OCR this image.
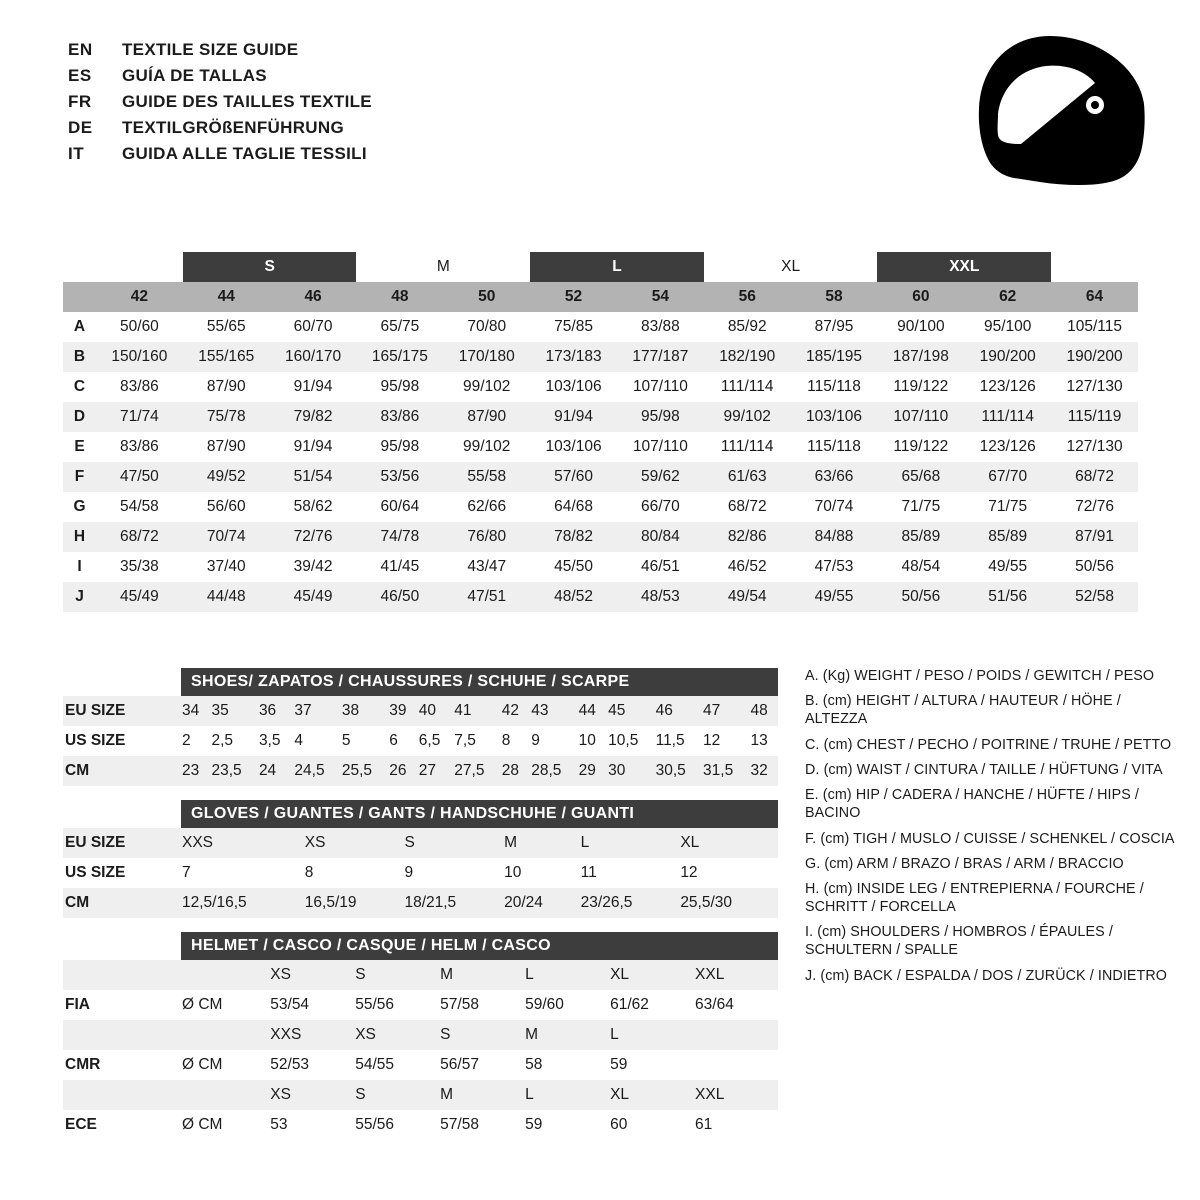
EN	TEXTILE SIZE GUIDE
ES	GUÍA DE TALLAS
FR	GUIDE DES TAILLES TEXTILE
DE	TEXTILGRÖßENFÜHRUNG
IT	GUIDA ALLE TAGLIE TESSILI
		S		M		L		XL		XXL		
	42	44	46	48	50	52	54	56	58	60	62	64
A	50/60	55/65	60/70	65/75	70/80	75/85	83/88	85/92	87/95	90/100	95/100	105/115
B	150/160	155/165	160/170	165/175	170/180	173/183	177/187	182/190	185/195	187/198	190/200	190/200
C	83/86	87/90	91/94	95/98	99/102	103/106	107/110	111/114	115/118	119/122	123/126	127/130
D	71/74	75/78	79/82	83/86	87/90	91/94	95/98	99/102	103/106	107/110	111/114	115/119
E	83/86	87/90	91/94	95/98	99/102	103/106	107/110	111/114	115/118	119/122	123/126	127/130
F	47/50	49/52	51/54	53/56	55/58	57/60	59/62	61/63	63/66	65/68	67/70	68/72
G	54/58	56/60	58/62	60/64	62/66	64/68	66/70	68/72	70/74	71/75	71/75	72/76
H	68/72	70/74	72/76	74/78	76/80	78/82	80/84	82/86	84/88	85/89	85/89	87/91
I	35/38	37/40	39/42	41/45	43/47	45/50	46/51	46/52	47/53	48/54	49/55	50/56
J	45/49	44/48	45/49	46/50	47/51	48/52	48/53	49/54	49/55	50/56	51/56	52/58
SHOES/ ZAPATOS / CHAUSSURES / SCHUHE / SCARPE
EU SIZE	34	35	36	37	38	39	40	41	42	43	44	45	46	47	48
US SIZE	2	2,5	3,5	4	5	6	6,5	7,5	8	9	10	10,5	11,5	12	13
CM	23	23,5	24	24,5	25,5	26	27	27,5	28	28,5	29	30	30,5	31,5	32
GLOVES / GUANTES / GANTS / HANDSCHUHE / GUANTI
EU SIZE	XXS	XS	S	M	L	XL
US SIZE	7	8	9	10	11	12
CM	12,5/16,5	16,5/19	18/21,5	20/24	23/26,5	25,5/30
HELMET / CASCO / CASQUE / HELM / CASCO
		XS	S	M	L	XL	XXL
FIA	Ø CM	53/54	55/56	57/58	59/60	61/62	63/64
		XXS	XS	S	M	L	
CMR	Ø CM	52/53	54/55	56/57	58	59	
		XS	S	M	L	XL	XXL
ECE	Ø CM	53	55/56	57/58	59	60	61

A. (Kg) WEIGHT / PESO / POIDS / GEWITCH / PESO

B. (cm) HEIGHT / ALTURA / HAUTEUR / HÖHE / ALTEZZA

C. (cm) CHEST / PECHO / POITRINE / TRUHE / PETTO

D. (cm) WAIST / CINTURA / TAILLE / HÜFTUNG / VITA

E. (cm) HIP / CADERA / HANCHE / HÜFTE / HIPS / BACINO

F. (cm) TIGH / MUSLO / CUISSE / SCHENKEL / COSCIA

G. (cm) ARM / BRAZO / BRAS / ARM / BRACCIO

H. (cm) INSIDE LEG / ENTREPIERNA / FOURCHE / SCHRITT / FORCELLA

I. (cm) SHOULDERS / HOMBROS / ÉPAULES / SCHULTERN / SPALLE

J. (cm) BACK / ESPALDA / DOS / ZURÜCK / INDIETRO
